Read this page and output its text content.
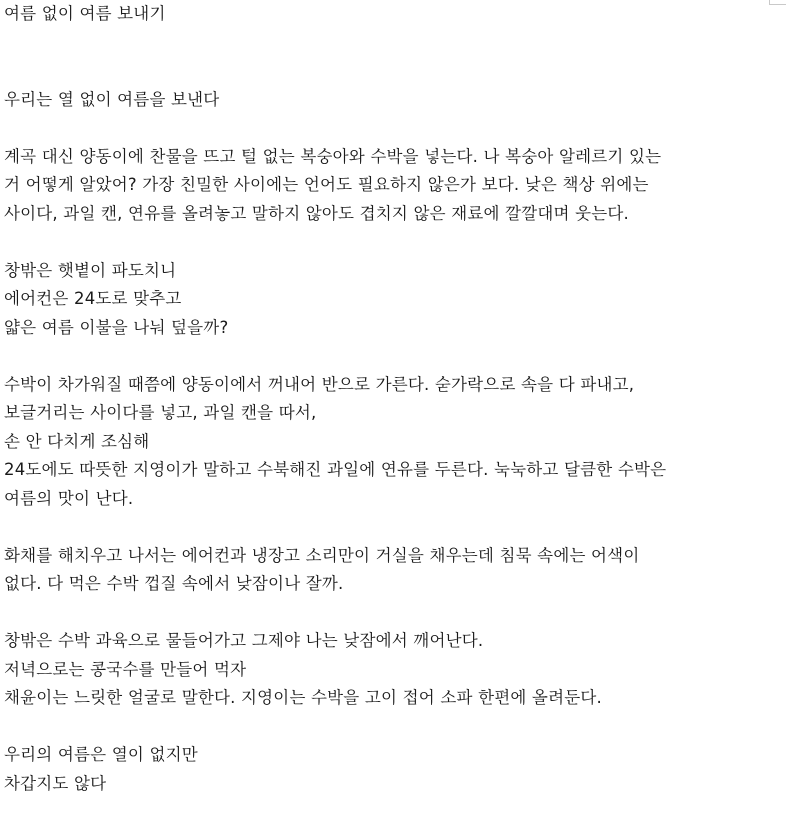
여름 없이 여름 보내기
우리는 열 없이 여름을 보낸다
계곡 대신 양동이에 찬물을 뜨고 털 없는 복숭아와 수박을 넣는다. 나 복숭아 알레르기 있는
거 어떻게 알았어? 가장 친밀한 사이에는 언어도 필요하지 않은가 보다. 낮은 책상 위에는
사이다, 과일 캔, 연유를 올려놓고 말하지 않아도 겹치지 않은 재료에 깔깔대며 웃는다.
창밖은 햇볕이 파도치니
에어컨은 24도로 맞추고
얇은 여름 이불을 나눠 덮을까?
수박이 차가워질 때쯤에 양동이에서 꺼내어 반으로 가른다. 숟가락으로 속을 다 파내고,
보글거리는 사이다를 넣고, 과일 캔을 따서,
손 안 다치게 조심해
24도에도 따뜻한 지영이가 말하고 수북해진 과일에 연유를 두른다. 눅눅하고 달큼한 수박은
여름의 맛이 난다.
화채를 해치우고 나서는 에어컨과 냉장고 소리만이 거실을 채우는데 침묵 속에는 어색이
없다. 다 먹은 수박 껍질 속에서 낮잠이나 잘까.
창밖은 수박 과육으로 물들어가고 그제야 나는 낮잠에서 깨어난다.
저녁으로는 콩국수를 만들어 먹자
채윤이는 느릿한 얼굴로 말한다. 지영이는 수박을 고이 접어 소파 한편에 올려둔다.
우리의 여름은 열이 없지만
차갑지도 않다
